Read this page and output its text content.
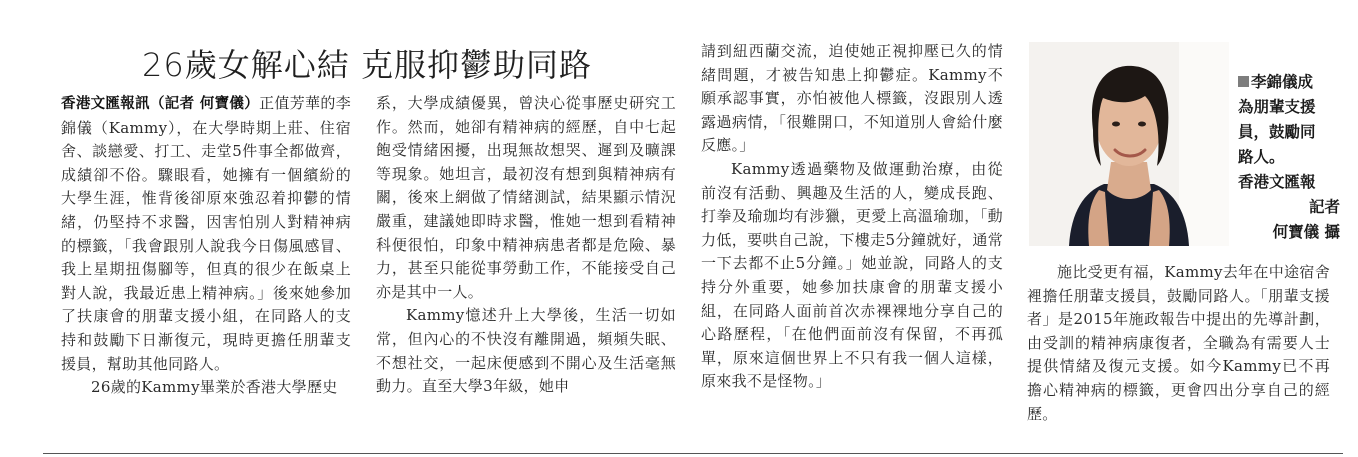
26歲女解心結 克服抑鬱助同路

香港文匯報訊（記者 何寶儀）正值芳華的李錦儀（Kammy），在大學時期上莊、住宿舍、談戀愛、打工、走堂5件事全都做齊，成績卻不俗。驟眼看，她擁有一個繽紛的大學生涯，惟背後卻原來強忍着抑鬱的情緒，仍堅持不求醫，因害怕別人對精神病的標籤，「我會跟別人說我今日傷風感冒、我上星期扭傷腳等，但真的很少在飯桌上對人說，我最近患上精神病。」後來她參加了扶康會的朋輩支援小組，在同路人的支持和鼓勵下日漸復元，現時更擔任朋輩支援員，幫助其他同路人。

26歲的Kammy畢業於香港大學歷史

系，大學成績優異，曾決心從事歷史研究工作。然而，她卻有精神病的經歷，自中七起飽受情緒困擾，出現無故想哭、遲到及曠課等現象。她坦言，最初沒有想到與精神病有關，後來上網做了情緒測試，結果顯示情況嚴重，建議她即時求醫，惟她一想到看精神科便很怕，印象中精神病患者都是危險、暴力，甚至只能從事勞動工作，不能接受自己亦是其中一人。

Kammy憶述升上大學後，生活一切如常，但內心的不快沒有離開過，頻頻失眠、不想社交，一起床便感到不開心及生活毫無動力。直至大學3年級，她申

請到紐西蘭交流，迫使她正視抑壓已久的情緒問題，才被告知患上抑鬱症。Kammy不願承認事實，亦怕被他人標籤，沒跟別人透露過病情，「很難開口，不知道別人會給什麼反應。」

Kammy透過藥物及做運動治療，由從前沒有活動、興趣及生活的人，變成長跑、打拳及瑜珈均有涉獵，更愛上高溫瑜珈，「動力低，要哄自己說，下樓走5分鐘就好，通常一下去都不止5分鐘。」她並說，同路人的支持分外重要，她參加扶康會的朋輩支援小組，在同路人面前首次赤裸裸地分享自己的心路歷程，「在他們面前沒有保留，不再孤單，原來這個世界上不只有我一個人這樣，原來我不是怪物。」

李錦儀成
為朋輩支援
員，鼓勵同
路人。
香港文匯報
記者
何寶儀 攝

施比受更有福，Kammy去年在中途宿舍裡擔任朋輩支援員，鼓勵同路人。「朋輩支援者」是2015年施政報告中提出的先導計劃，由受訓的精神病康復者，全職為有需要人士提供情緒及復元支援。如今Kammy已不再擔心精神病的標籤，更會四出分享自己的經歷。
